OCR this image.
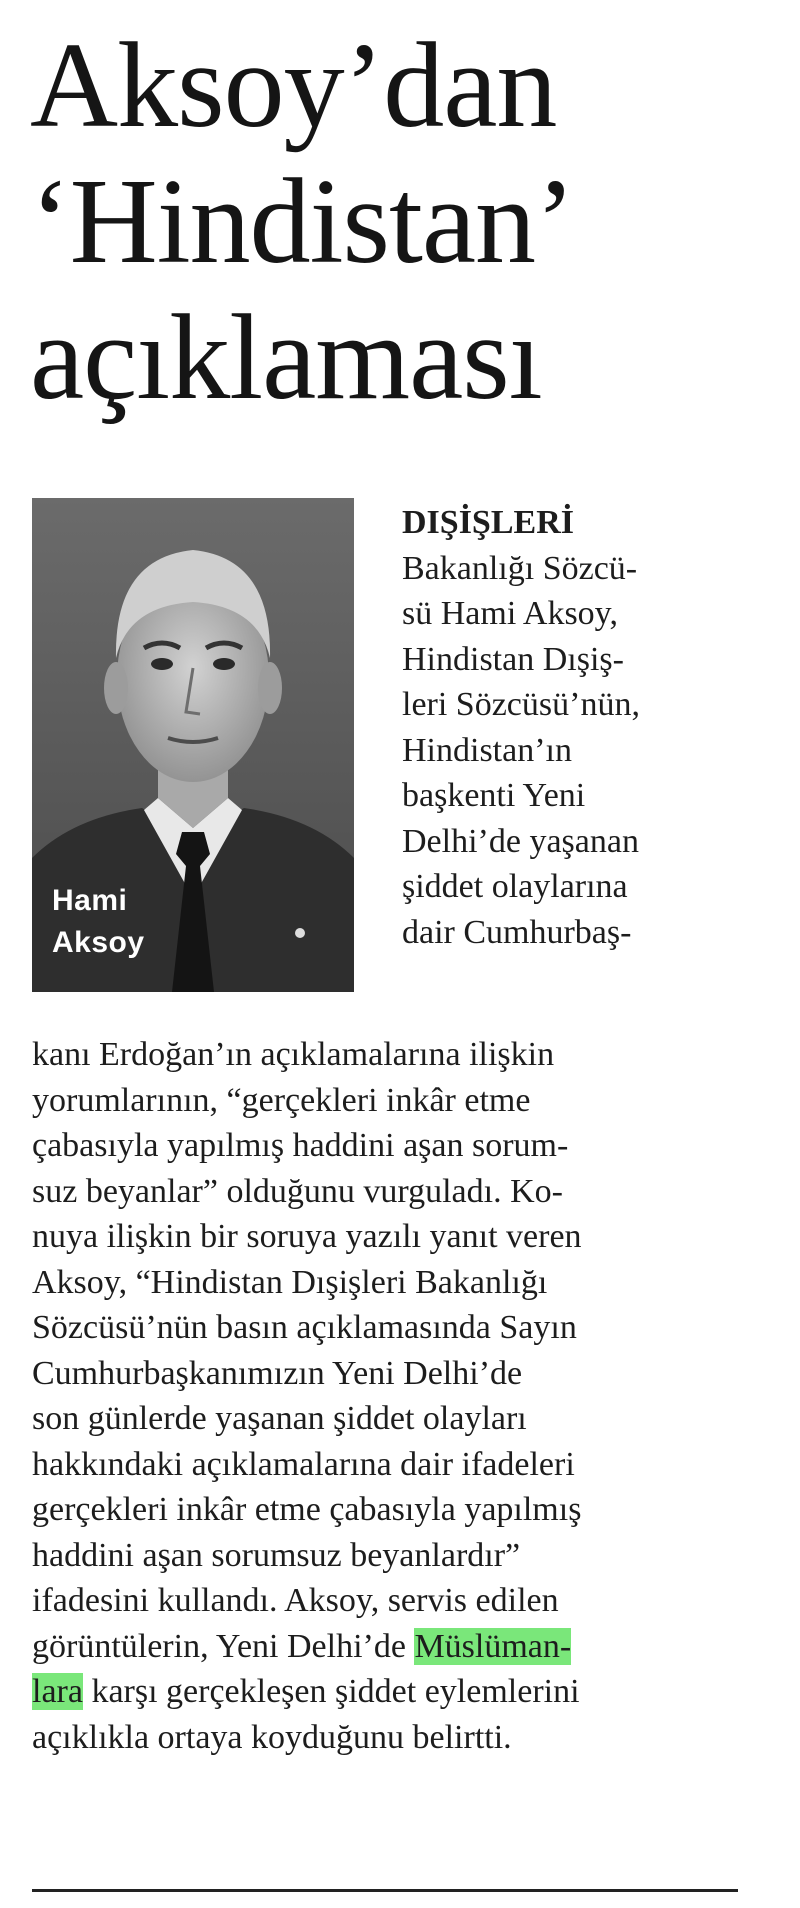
Aksoy’dan
‘Hindistan’
açıklaması
Hami
Aksoy
DIŞİŞLERİ
Bakanlığı Sözcü-
sü Hami Aksoy,
Hindistan Dışiş-
leri Sözcüsü’nün,
Hindistan’ın
başkenti Yeni
Delhi’de yaşanan
şiddet olaylarına
dair Cumhurbaş-
kanı Erdoğan’ın açıklamalarına ilişkin
yorumlarının, “gerçekleri inkâr etme
çabasıyla yapılmış haddini aşan sorum-
suz beyanlar” olduğunu vurguladı. Ko-
nuya ilişkin bir soruya yazılı yanıt veren
Aksoy, “Hindistan Dışişleri Bakanlığı
Sözcüsü’nün basın açıklamasında Sayın
Cumhurbaşkanımızın Yeni Delhi’de
son günlerde yaşanan şiddet olayları
hakkındaki açıklamalarına dair ifadeleri
gerçekleri inkâr etme çabasıyla yapılmış
haddini aşan sorumsuz beyanlardır”
ifadesini kullandı. Aksoy, servis edilen
görüntülerin, Yeni Delhi’de Müslüman-
lara karşı gerçekleşen şiddet eylemlerini
açıklıkla ortaya koyduğunu belirtti.
